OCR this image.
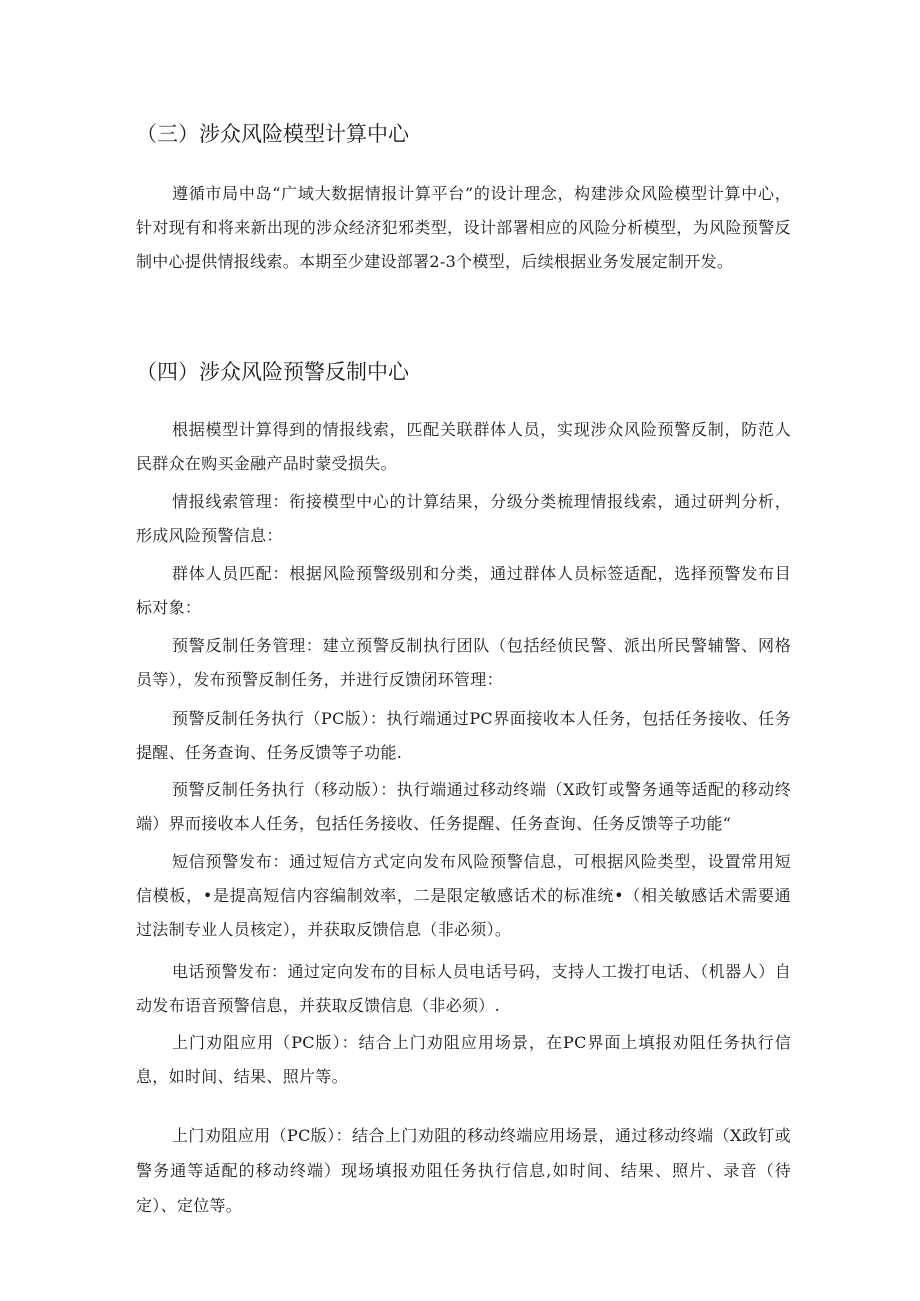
（三）涉众风险模型计算中心

遵循市局中岛“广域大数据情报计算平台”的设计理念，构建涉众风险模型计算中心，针对现有和将来新出现的涉众经济犯邪类型，设计部署相应的风险分析模型，为风险预警反制中心提供情报线索。本期至少建设部署2-3个模型，后续根据业务发展定制开发。

（四）涉众风险预警反制中心

根据模型计算得到的情报线索，匹配关联群体人员，实现涉众风险预警反制，防范人民群众在购买金融产品时蒙受损失。

情报线索管理：衔接模型中心的计算结果，分级分类梳理情报线索，通过研判分析，形成风险预警信息：

群体人员匹配：根据风险预警级别和分类，通过群体人员标签适配，选择预警发布目标对象：

预警反制任务管理：建立预警反制执行团队（包括经侦民警、派出所民警辅警、网格员等），发布预警反制任务，并进行反馈闭环管理：

预警反制任务执行（PC版）：执行端通过PC界面接收本人任务，包括任务接收、任务提醒、任务查询、任务反馈等子功能.

预警反制任务执行（移动版）：执行端通过移动终端（X政钉或警务通等适配的移动终端）界而接收本人任务，包括任务接收、任务提醒、任务查询、任务反馈等子功能“

短信预警发布：通过短信方式定向发布风险预警信息，可根据风险类型，设置常用短信模板，•是提高短信内容编制效率，二是限定敏感话术的标准统•（相关敏感话术需要通过法制专业人员核定），并获取反馈信息（非必须）。

电话预警发布：通过定向发布的目标人员电话号码，支持人工拨打电话、（机器人）自动发布语音预警信息，并获取反馈信息（非必须）.

上门劝阻应用（PC版）：结合上门劝阻应用场景，在PC界面上填报劝阻任务执行信息，如时间、结果、照片等。

上门劝阻应用（PC版）：结合上门劝阻的移动终端应用场景，通过移动终端（X政钉或警务通等适配的移动终端）现场填报劝阻任务执行信息,如时间、结果、照片、录音（待定）、定位等。
